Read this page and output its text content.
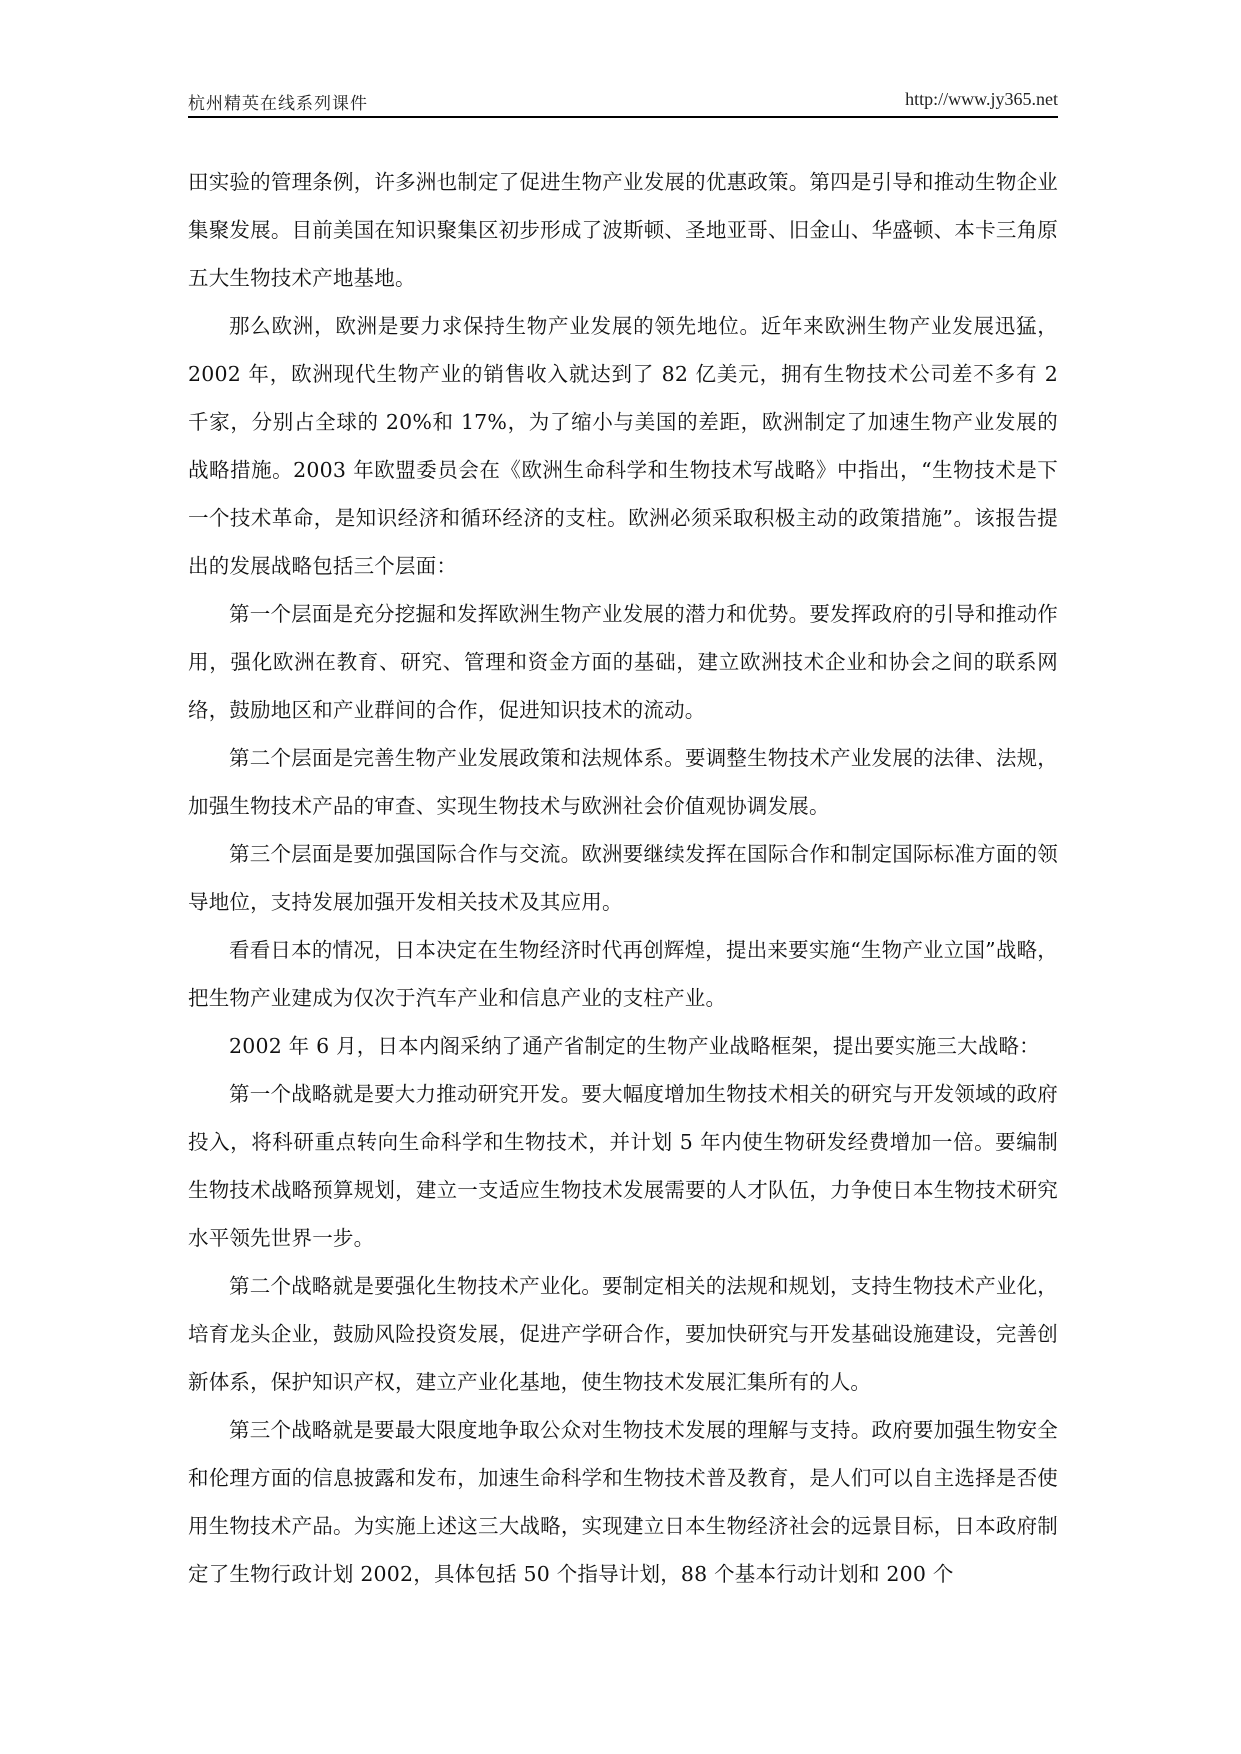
杭州精英在线系列课件	http://www.jy365.net

田实验的管理条例，许多洲也制定了促进生物产业发展的优惠政策。第四是引导和推动生物企业集聚发展。目前美国在知识聚集区初步形成了波斯顿、圣地亚哥、旧金山、华盛顿、本卡三角原五大生物技术产地基地。

那么欧洲，欧洲是要力求保持生物产业发展的领先地位。近年来欧洲生物产业发展迅猛，2002 年，欧洲现代生物产业的销售收入就达到了 82 亿美元，拥有生物技术公司差不多有 2 千家，分别占全球的 20%和 17%，为了缩小与美国的差距，欧洲制定了加速生物产业发展的战略措施。2003 年欧盟委员会在《欧洲生命科学和生物技术写战略》中指出，“生物技术是下一个技术革命，是知识经济和循环经济的支柱。欧洲必须采取积极主动的政策措施”。该报告提出的发展战略包括三个层面：

第一个层面是充分挖掘和发挥欧洲生物产业发展的潜力和优势。要发挥政府的引导和推动作用，强化欧洲在教育、研究、管理和资金方面的基础，建立欧洲技术企业和协会之间的联系网络，鼓励地区和产业群间的合作，促进知识技术的流动。

第二个层面是完善生物产业发展政策和法规体系。要调整生物技术产业发展的法律、法规，加强生物技术产品的审查、实现生物技术与欧洲社会价值观协调发展。

第三个层面是要加强国际合作与交流。欧洲要继续发挥在国际合作和制定国际标准方面的领导地位，支持发展加强开发相关技术及其应用。

看看日本的情况，日本决定在生物经济时代再创辉煌，提出来要实施“生物产业立国”战略，把生物产业建成为仅次于汽车产业和信息产业的支柱产业。

2002 年 6 月，日本内阁采纳了通产省制定的生物产业战略框架，提出要实施三大战略：

第一个战略就是要大力推动研究开发。要大幅度增加生物技术相关的研究与开发领域的政府投入，将科研重点转向生命科学和生物技术，并计划 5 年内使生物研发经费增加一倍。要编制生物技术战略预算规划，建立一支适应生物技术发展需要的人才队伍，力争使日本生物技术研究水平领先世界一步。

第二个战略就是要强化生物技术产业化。要制定相关的法规和规划，支持生物技术产业化，培育龙头企业，鼓励风险投资发展，促进产学研合作，要加快研究与开发基础设施建设，完善创新体系，保护知识产权，建立产业化基地，使生物技术发展汇集所有的人。

第三个战略就是要最大限度地争取公众对生物技术发展的理解与支持。政府要加强生物安全和伦理方面的信息披露和发布，加速生命科学和生物技术普及教育，是人们可以自主选择是否使用生物技术产品。为实施上述这三大战略，实现建立日本生物经济社会的远景目标，日本政府制定了生物行政计划 2002，具体包括 50 个指导计划，88 个基本行动计划和 200 个
